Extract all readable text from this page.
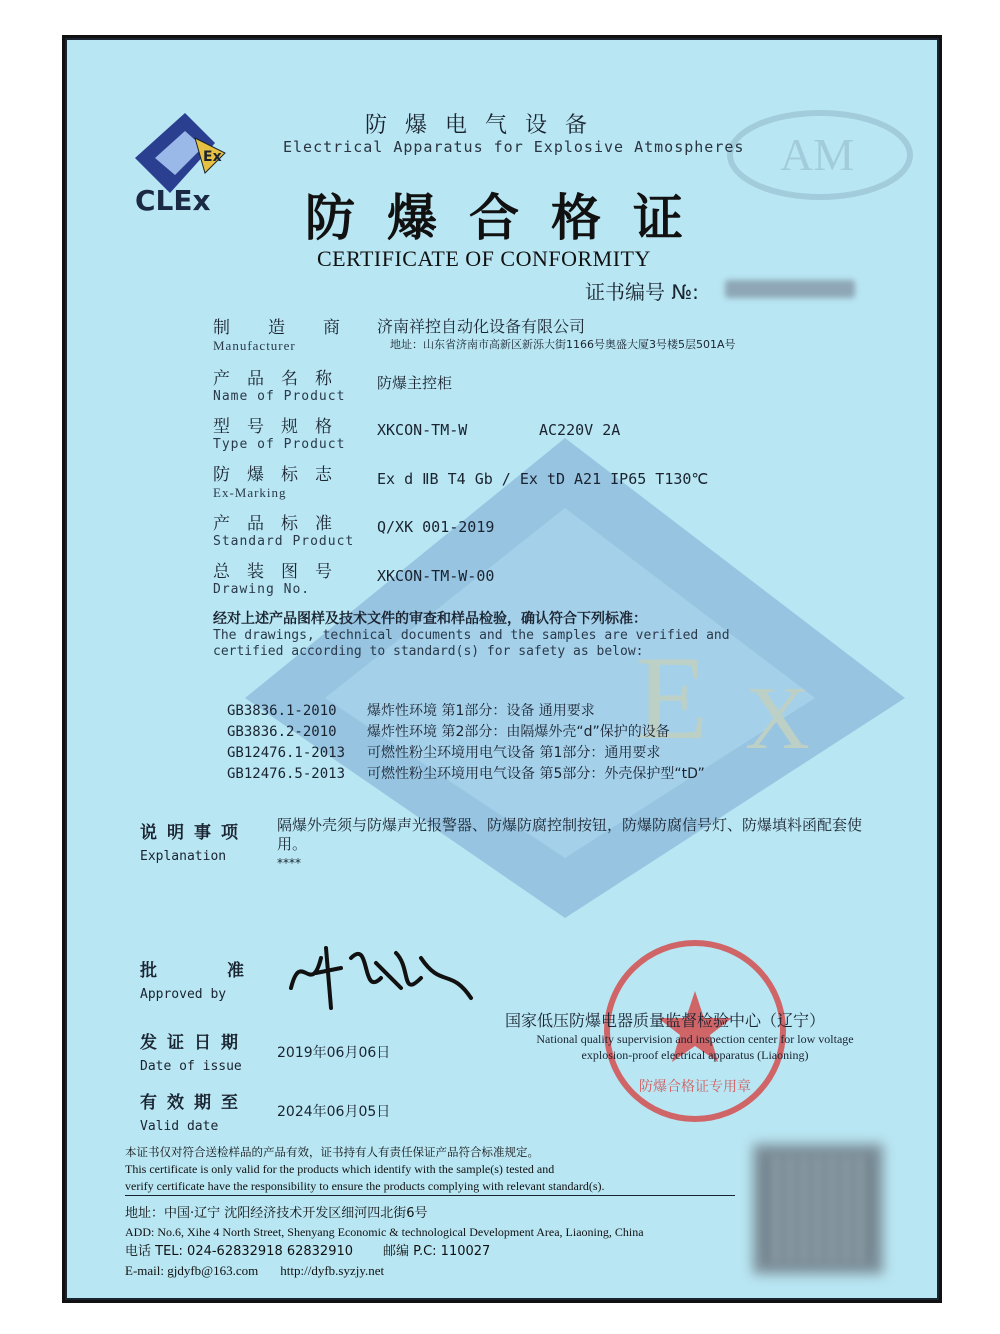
E X
Ex
CLEx
AM
防爆电气设备
Electrical Apparatus for Explosive Atmospheres
防爆合格证
CERTIFICATE OF CONFORMITY
证书编号 №:
制造商
Manufacturer
济南祥控自动化设备有限公司
地址：山东省济南市高新区新泺大街1166号奥盛大厦3号楼5层501A号
产品名称
Name of Product
防爆主控柜
型号规格
Type of Product
XKCON-TM-W	AC220V 2A
防爆标志
Ex-Marking
Ex d ⅡB T4 Gb / Ex tD A21 IP65 T130℃
产品标准
Standard Product
Q/XK 001-2019
总装图号
Drawing No.
XKCON-TM-W-00
经对上述产品图样及技术文件的审查和样品检验，确认符合下列标准：
The drawings, technical documents and the samples are verified and
certified according to standard(s) for safety as below:
GB3836.1-2010 爆炸性环境 第1部分：设备 通用要求
GB3836.2-2010 爆炸性环境 第2部分：由隔爆外壳“d”保护的设备
GB12476.1-2013 可燃性粉尘环境用电气设备 第1部分：通用要求
GB12476.5-2013 可燃性粉尘环境用电气设备 第5部分：外壳保护型“tD”
说明事项
Explanation
隔爆外壳须与防爆声光报警器、防爆防腐控制按钮，防爆防腐信号灯、防爆填料函配套使用。
****
批准
Approved by
发证日期
Date of issue
2019年06月06日
有效期至
Valid date
2024年06月05日
防爆合格证专用章
国家低压防爆电器质量监督检验中心（辽宁）
National quality supervision and inspection center for low voltage
explosion-proof electrical apparatus (Liaoning)
本证书仅对符合送检样品的产品有效，证书持有人有责任保证产品符合标准规定。
This certificate is only valid for the products which identify with the sample(s) tested and
verify certificate have the responsibility to ensure the products complying with relevant standard(s).
地址：中国·辽宁 沈阳经济技术开发区细河四北街6号
ADD: No.6, Xihe 4 North Street, Shenyang Economic & technological Development Area, Liaoning, China
电话 TEL: 024-62832918 62832910 邮编 P.C: 110027
E-mail: gjdyfb@163.com http://dyfb.syzjy.net
